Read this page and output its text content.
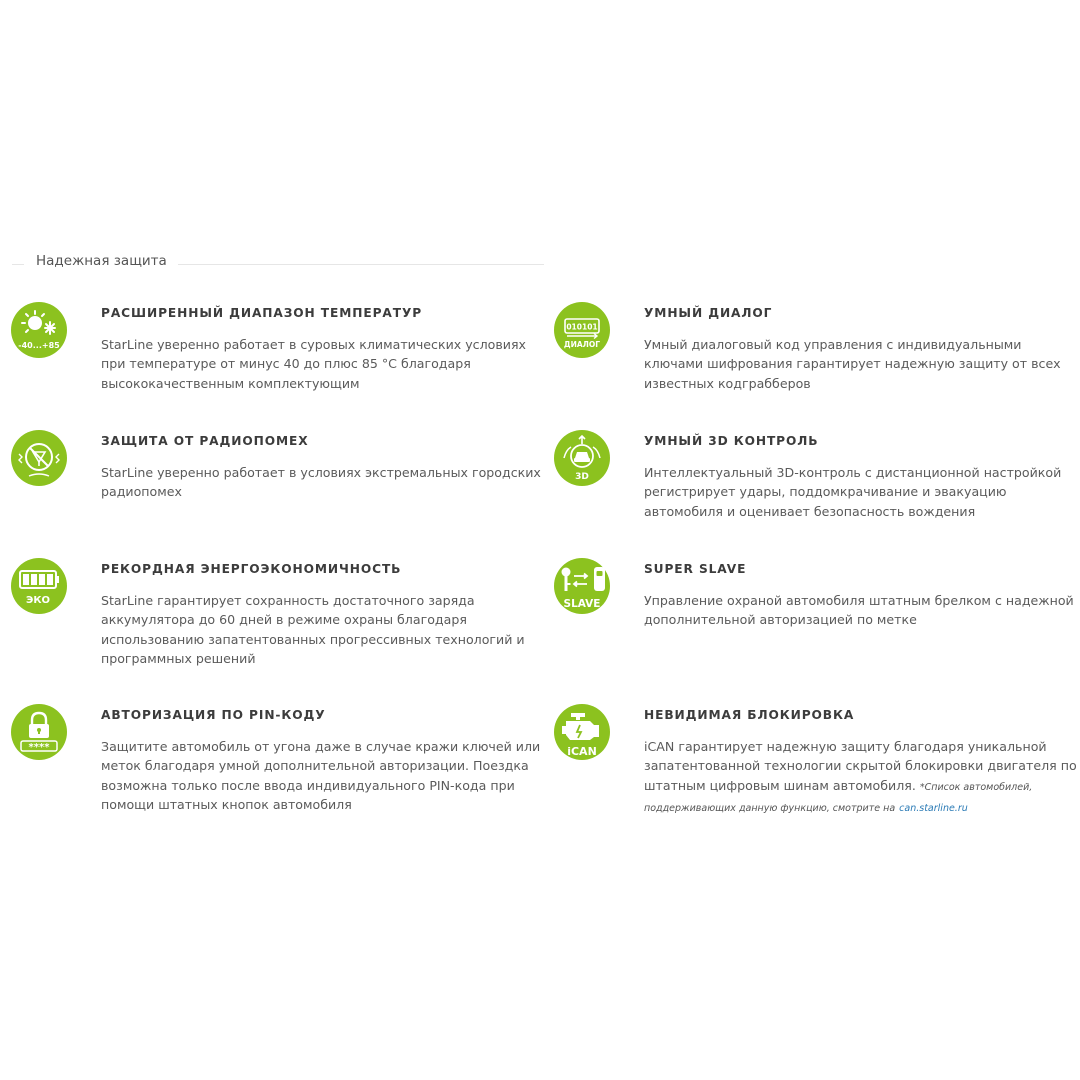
Надежная защита
-40...+85
РАСШИРЕННЫЙ ДИАПАЗОН ТЕМПЕРАТУР

StarLine уверенно работает в суровых климатических условиях при температуре от минус 40 до плюс 85 °С благодаря высококачественным комплектующим

010101
ДИАЛОГ
УМНЫЙ ДИАЛОГ

Умный диалоговый код управления с индивидуальными ключами шифрования гарантирует надежную защиту от всех известных кодграбберов

ЗАЩИТА ОТ РАДИОПОМЕХ

StarLine уверенно работает в условиях экстремальных городских радиопомех

3D
УМНЫЙ 3D КОНТРОЛЬ

Интеллектуальный 3D-контроль с дистанционной настройкой регистрирует удары, поддомкрачивание и эвакуацию автомобиля и оценивает безопасность вождения

ЭКО
РЕКОРДНАЯ ЭНЕРГОЭКОНОМИЧНОСТЬ

StarLine гарантирует сохранность достаточного заряда аккумулятора до 60 дней в режиме охраны благодаря использованию запатентованных прогрессивных технологий и программных решений

SLAVE
SUPER SLAVE

Управление охраной автомобиля штатным брелком с надежной дополнительной авторизацией по метке

****
АВТОРИЗАЦИЯ ПО PIN-КОДУ

Защитите автомобиль от угона даже в случае кражи ключей или меток благодаря умной дополнительной авторизации. Поездка возможна только после ввода индивидуального PIN-кода при помощи штатных кнопок автомобиля

iCAN
НЕВИДИМАЯ БЛОКИРОВКА

iCAN гарантирует надежную защиту благодаря уникальной запатентованной технологии скрытой блокировки двигателя по штатным цифровым шинам автомобиля. *Список автомобилей, поддерживающих данную функцию, смотрите на can.starline.ru
